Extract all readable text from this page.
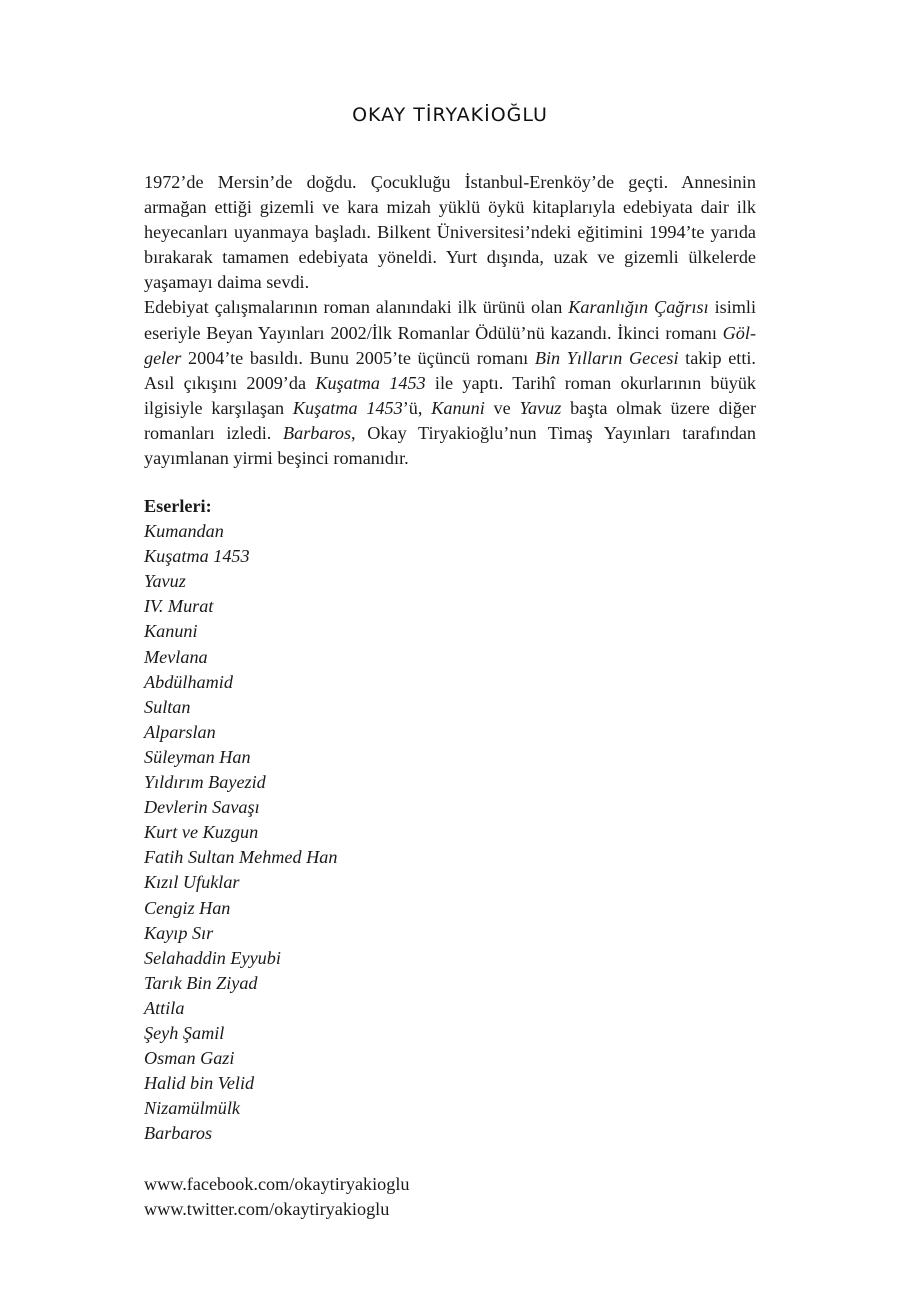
OKAY TİRYAKİOĞLU

1972’de Mersin’de doğdu. Çocukluğu İstanbul-Erenköy’de geçti. Annesinin armağan ettiği gizemli ve kara mizah yüklü öykü kitaplarıyla edebiyata dair ilk heyecanları uyanmaya başladı. Bilkent Üniversitesi’ndeki eğitimini 1994’te yarıda bırakarak tamamen edebiyata yöneldi. Yurt dışında, uzak ve gizemli ülkelerde yaşamayı daima sevdi.

Edebiyat çalışmalarının roman alanındaki ilk ürünü olan Karanlığın Çağrısı isimli eseriyle Beyan Yayınları 2002/İlk Romanlar Ödülü’nü kazandı. İkinci romanı Gölgeler 2004’te basıldı. Bunu 2005’te üçüncü romanı Bin Yılların Gecesi takip etti. Asıl çıkışını 2009’da Kuşatma 1453 ile yaptı. Tarihî roman okurlarının büyük ilgisiyle karşılaşan Kuşatma 1453’ü, Kanuni ve Yavuz başta olmak üzere diğer romanları izledi. Barbaros, Okay Tiryakioğlu’nun Timaş Yayınları tarafından yayımlanan yirmi beşinci romanıdır.

Eserleri:

Kumandan
Kuşatma 1453
Yavuz
IV. Murat
Kanuni
Mevlana
Abdülhamid
Sultan
Alparslan
Süleyman Han
Yıldırım Bayezid
Devlerin Savaşı
Kurt ve Kuzgun
Fatih Sultan Mehmed Han
Kızıl Ufuklar
Cengiz Han
Kayıp Sır
Selahaddin Eyyubi
Tarık Bin Ziyad
Attila
Şeyh Şamil
Osman Gazi
Halid bin Velid
Nizamülmülk
Barbaros
www.facebook.com/okaytiryakioglu
www.twitter.com/okaytiryakioglu
